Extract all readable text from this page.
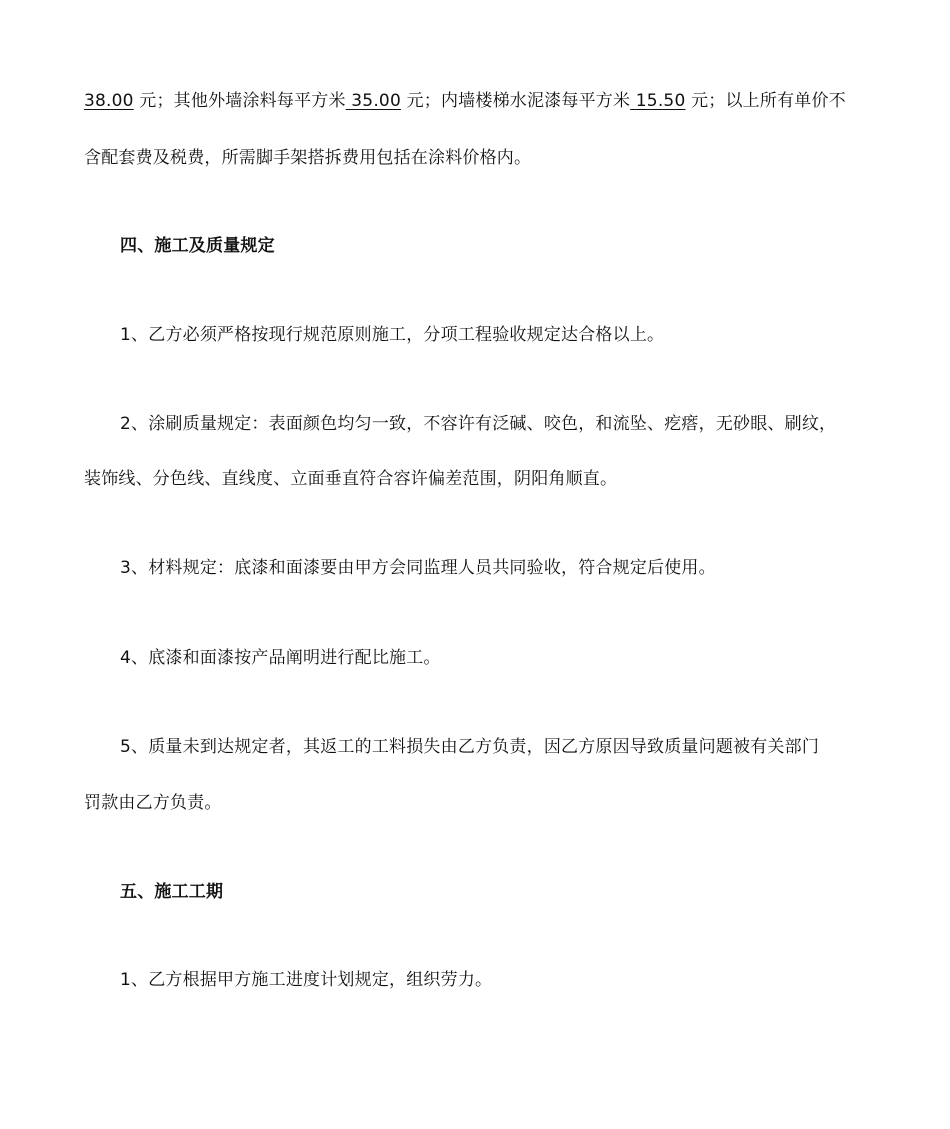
38.00 元；其他外墙涂料每平方米 35.00 元；内墙楼梯水泥漆每平方米 15.50 元；以上所有单价不
含配套费及税费，所需脚手架搭拆费用包括在涂料价格内。
四、施工及质量规定
1、乙方必须严格按现行规范原则施工，分项工程验收规定达合格以上。
2、涂刷质量规定：表面颜色均匀一致，不容许有泛碱、咬色，和流坠、疙瘩，无砂眼、刷纹，
装饰线、分色线、直线度、立面垂直符合容许偏差范围，阴阳角顺直。
3、材料规定：底漆和面漆要由甲方会同监理人员共同验收，符合规定后使用。
4、底漆和面漆按产品阐明进行配比施工。
5、质量未到达规定者，其返工的工料损失由乙方负责，因乙方原因导致质量问题被有关部门
罚款由乙方负责。
五、施工工期
1、乙方根据甲方施工进度计划规定，组织劳力。
